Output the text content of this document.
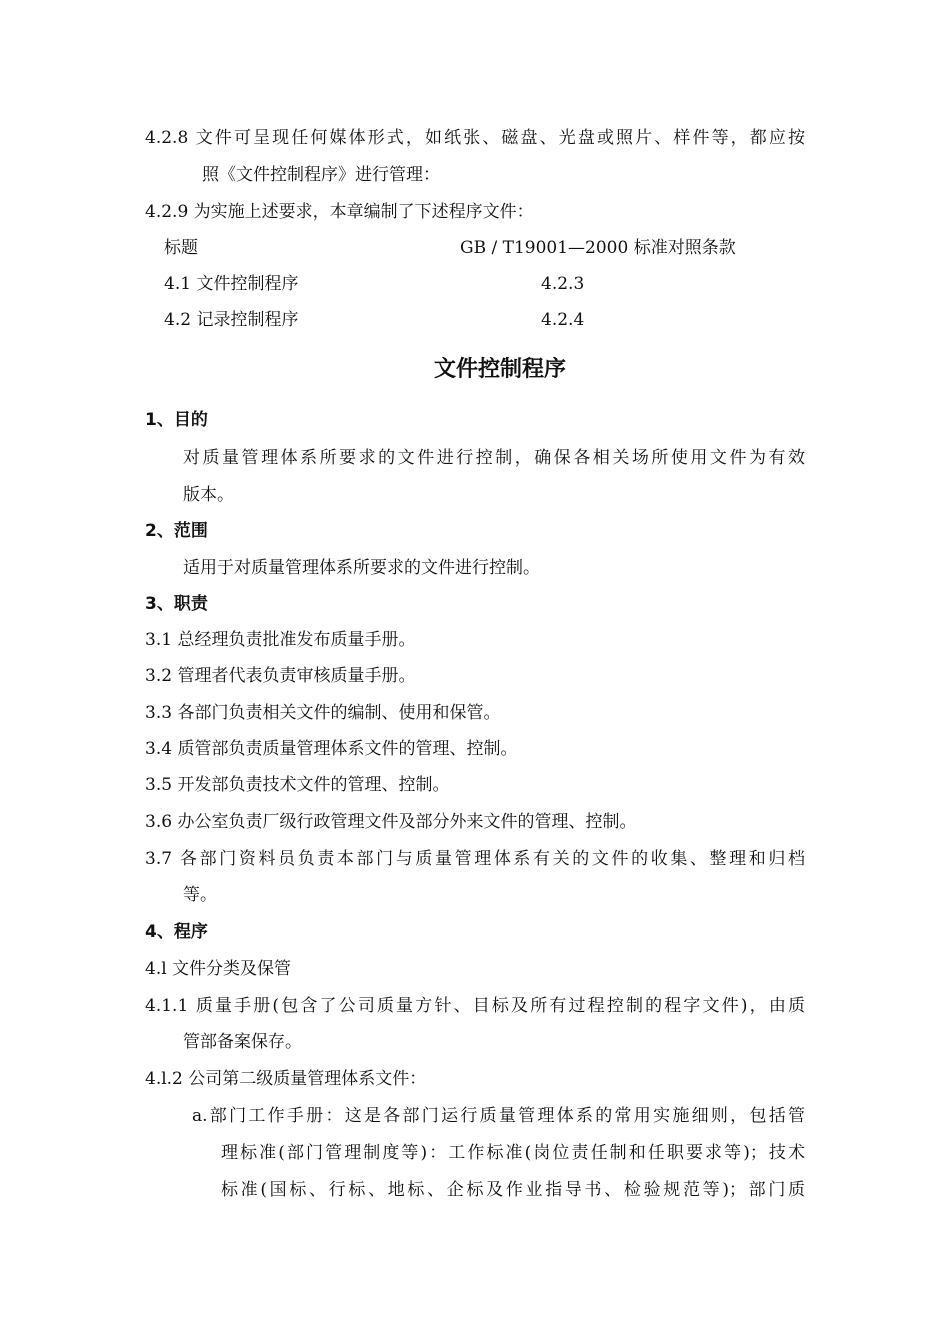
4.2.8 文件可呈现任何媒体形式，如纸张、磁盘、光盘或照片、样件等，都应按
照《文件控制程序》进行管理：
4.2.9 为实施上述要求，本章编制了下述程序文件：
标题	GB / T19001—2000 标准对照条款
4.1 文件控制程序	4.2.3
4.2 记录控制程序	4.2.4
文件控制程序
1、目的
对质量管理体系所要求的文件进行控制，确保各相关场所使用文件为有效
版本。
2、范围
适用于对质量管理体系所要求的文件进行控制。
3、职责
3.1 总经理负责批准发布质量手册。
3.2 管理者代表负责审核质量手册。
3.3 各部门负责相关文件的编制、使用和保管。
3.4 质管部负责质量管理体系文件的管理、控制。
3.5 开发部负责技术文件的管理、控制。
3.6 办公室负责厂级行政管理文件及部分外来文件的管理、控制。
3.7 各部门资料员负责本部门与质量管理体系有关的文件的收集、整理和归档
等。
4、程序
4.l 文件分类及保管
4.1.1 质量手册(包含了公司质量方针、目标及所有过程控制的程字文件)，由质
管部备案保存。
4.l.2 公司第二级质量管理体系文件：
a.部门工作手册：这是各部门运行质量管理体系的常用实施细则，包括管
理标准(部门管理制度等)：工作标准(岗位责任制和任职要求等)；技术
标准(国标、行标、地标、企标及作业指导书、检验规范等)；部门质
